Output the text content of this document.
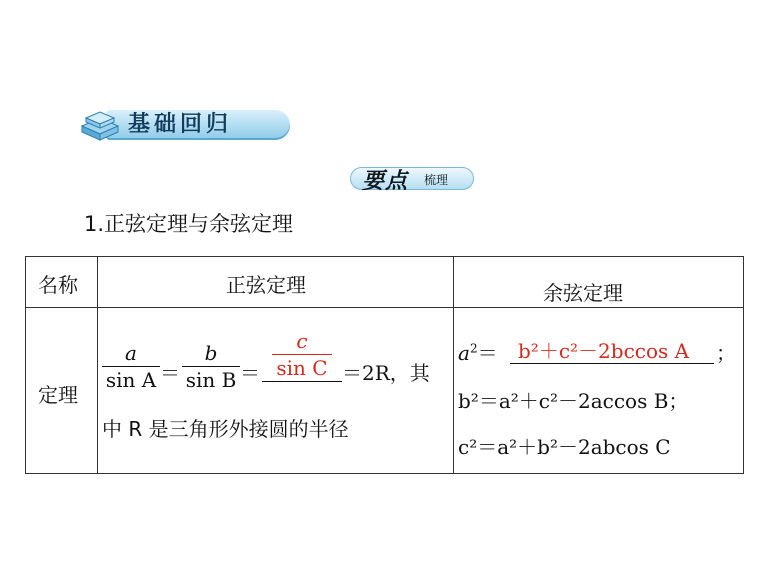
基础回归
要点 梳理
1.正弦定理与余弦定理
名称	正弦定理	余弦定理
定理
a
sin A ＝
b
sin B ＝
c
sin C ＝2R，其
中 R 是三角形外接圆的半径
$a^2= b^2+c^2-2bccos$ A ；
b²＝a²＋c²－2accos B；
c²＝a²＋b²－2abcos C
